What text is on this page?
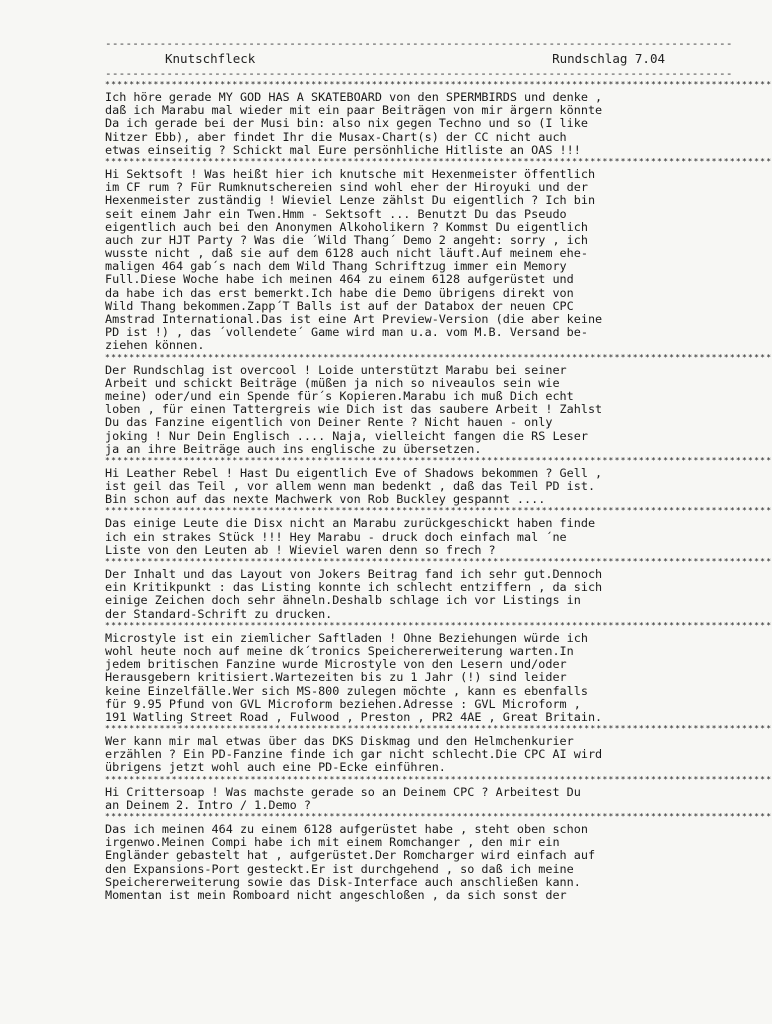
--------------------------------------------------------------------------------------------
Knutschfleck	Rundschlag 7.04
--------------------------------------------------------------------------------------------
**************************************************************************************************************
Ich höre gerade MY GOD HAS A SKATEBOARD von den SPERMBIRDS und denke ,
daß ich Marabu mal wieder mit ein paar Beiträgen von mir ärgern könnte
Da ich gerade bei der Musi bin: also nix gegen Techno und so (I like
Nitzer Ebb), aber findet Ihr die Musax-Chart(s) der CC nicht auch
etwas einseitig ? Schickt mal Eure persönhliche Hitliste an OAS !!!
**************************************************************************************************************
Hi Sektsoft ! Was heißt hier ich knutsche mit Hexenmeister öffentlich
im CF rum ? Für Rumknutschereien sind wohl eher der Hiroyuki und der
Hexenmeister zuständig ! Wieviel Lenze zählst Du eigentlich ? Ich bin
seit einem Jahr ein Twen.Hmm - Sektsoft ... Benutzt Du das Pseudo
eigentlich auch bei den Anonymen Alkoholikern ? Kommst Du eigentlich
auch zur HJT Party ? Was die ´Wild Thang´ Demo 2 angeht: sorry , ich
wusste nicht , daß sie auf dem 6128 auch nicht läuft.Auf meinem ehe-
maligen 464 gab´s nach dem Wild Thang Schriftzug immer ein Memory
Full.Diese Woche habe ich meinen 464 zu einem 6128 aufgerüstet und
da habe ich das erst bemerkt.Ich habe die Demo übrigens direkt von
Wild Thang bekommen.Zapp´T Balls ist auf der Databox der neuen CPC
Amstrad International.Das ist eine Art Preview-Version (die aber keine
PD ist !) , das ´vollendete´ Game wird man u.a. vom M.B. Versand be-
ziehen können.
**************************************************************************************************************
Der Rundschlag ist overcool ! Loide unterstützt Marabu bei seiner
Arbeit und schickt Beiträge (müßen ja nich so niveaulos sein wie
meine) oder/und ein Spende für´s Kopieren.Marabu ich muß Dich echt
loben , für einen Tattergreis wie Dich ist das saubere Arbeit ! Zahlst
Du das Fanzine eigentlich von Deiner Rente ? Nicht hauen - only
joking ! Nur Dein Englisch .... Naja, vielleicht fangen die RS Leser
ja an ihre Beiträge auch ins englische zu übersetzen.
**************************************************************************************************************
Hi Leather Rebel ! Hast Du eigentlich Eve of Shadows bekommen ? Gell ,
ist geil das Teil , vor allem wenn man bedenkt , daß das Teil PD ist.
Bin schon auf das nexte Machwerk von Rob Buckley gespannt ....
**************************************************************************************************************
Das einige Leute die Disx nicht an Marabu zurückgeschickt haben finde
ich ein strakes Stück !!! Hey Marabu - druck doch einfach mal ´ne
Liste von den Leuten ab ! Wieviel waren denn so frech ?
**************************************************************************************************************
Der Inhalt und das Layout von Jokers Beitrag fand ich sehr gut.Dennoch
ein Kritikpunkt : das Listing konnte ich schlecht entziffern , da sich
einige Zeichen doch sehr ähneln.Deshalb schlage ich vor Listings in
der Standard-Schrift zu drucken.
**************************************************************************************************************
Microstyle ist ein ziemlicher Saftladen ! Ohne Beziehungen würde ich
wohl heute noch auf meine dk´tronics Speichererweiterung warten.In
jedem britischen Fanzine wurde Microstyle von den Lesern und/oder
Herausgebern kritisiert.Wartezeiten bis zu 1 Jahr (!) sind leider
keine Einzelfälle.Wer sich MS-800 zulegen möchte , kann es ebenfalls
für 9.95 Pfund von GVL Microform beziehen.Adresse : GVL Microform ,
191 Watling Street Road , Fulwood , Preston , PR2 4AE , Great Britain.
**************************************************************************************************************
Wer kann mir mal etwas über das DKS Diskmag und den Helmchenkurier
erzählen ? Ein PD-Fanzine finde ich gar nicht schlecht.Die CPC AI wird
übrigens jetzt wohl auch eine PD-Ecke einführen.
**************************************************************************************************************
Hi Crittersoap ! Was machste gerade so an Deinem CPC ? Arbeitest Du
an Deinem 2. Intro / 1.Demo ?
**************************************************************************************************************
Das ich meinen 464 zu einem 6128 aufgerüstet habe , steht oben schon
irgenwo.Meinen Compi habe ich mit einem Romchanger , den mir ein
Engländer gebastelt hat , aufgerüstet.Der Romcharger wird einfach auf
den Expansions-Port gesteckt.Er ist durchgehend , so daß ich meine
Speichererweiterung sowie das Disk-Interface auch anschließen kann.
Momentan ist mein Romboard nicht angeschloßen , da sich sonst der
